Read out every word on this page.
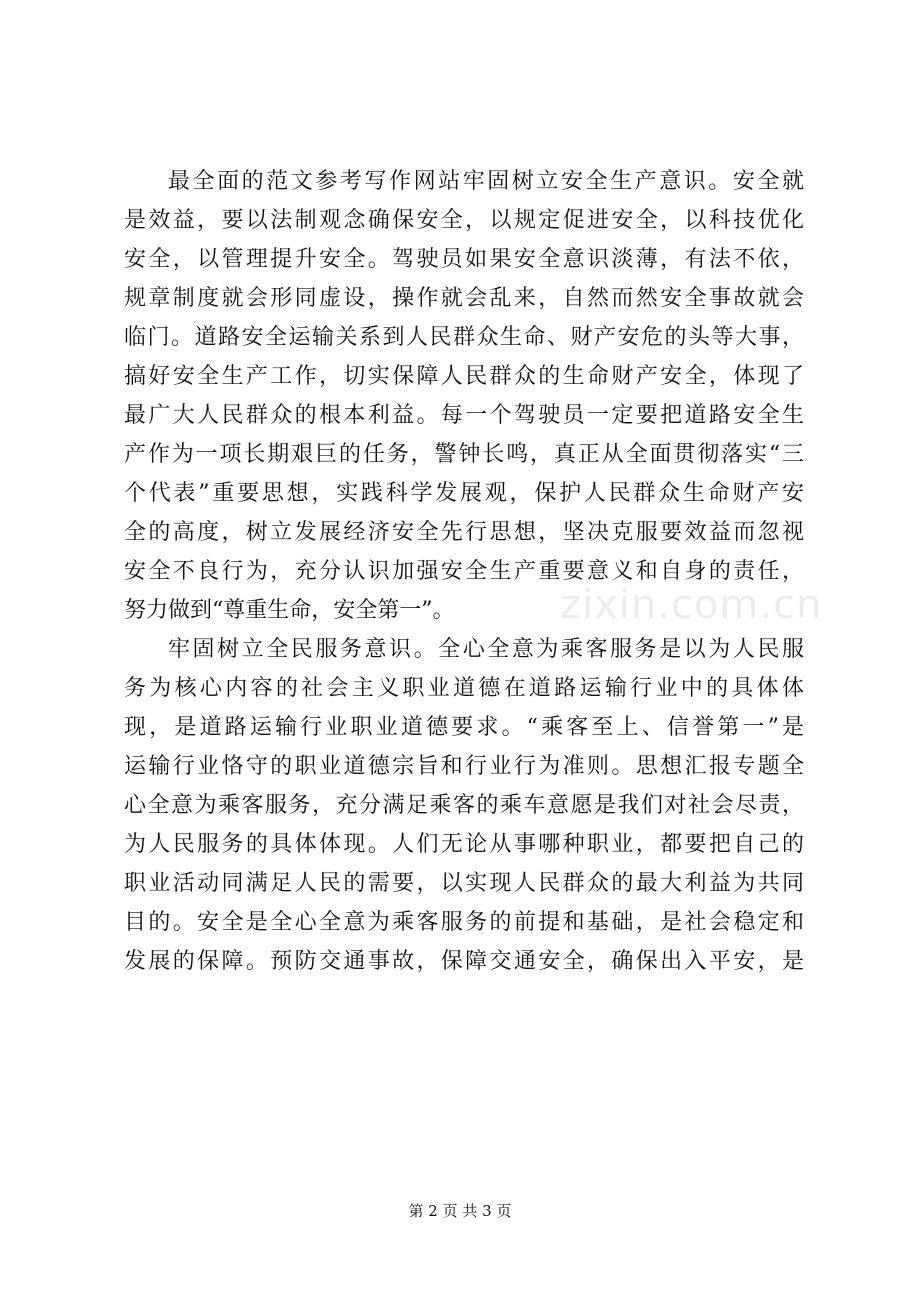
zixin.com.cn
最全面的范文参考写作网站牢固树立安全生产意识。安全就
是效益，要以法制观念确保安全，以规定促进安全，以科技优化
安全，以管理提升安全。驾驶员如果安全意识淡薄，有法不依，
规章制度就会形同虚设，操作就会乱来，自然而然安全事故就会
临门。道路安全运输关系到人民群众生命、财产安危的头等大事，
搞好安全生产工作，切实保障人民群众的生命财产安全，体现了
最广大人民群众的根本利益。每一个驾驶员一定要把道路安全生
产作为一项长期艰巨的任务，警钟长鸣，真正从全面贯彻落实“三
个代表”重要思想，实践科学发展观，保护人民群众生命财产安
全的高度，树立发展经济安全先行思想，坚决克服要效益而忽视
安全不良行为，充分认识加强安全生产重要意义和自身的责任，
努力做到“尊重生命，安全第一”。
牢固树立全民服务意识。全心全意为乘客服务是以为人民服
务为核心内容的社会主义职业道德在道路运输行业中的具体体
现，是道路运输行业职业道德要求。“乘客至上、信誉第一”是
运输行业恪守的职业道德宗旨和行业行为准则。思想汇报专题全
心全意为乘客服务，充分满足乘客的乘车意愿是我们对社会尽责，
为人民服务的具体体现。人们无论从事哪种职业，都要把自己的
职业活动同满足人民的需要，以实现人民群众的最大利益为共同
目的。安全是全心全意为乘客服务的前提和基础，是社会稳定和
发展的保障。预防交通事故，保障交通安全，确保出入平安，是
第 2 页 共 3 页
